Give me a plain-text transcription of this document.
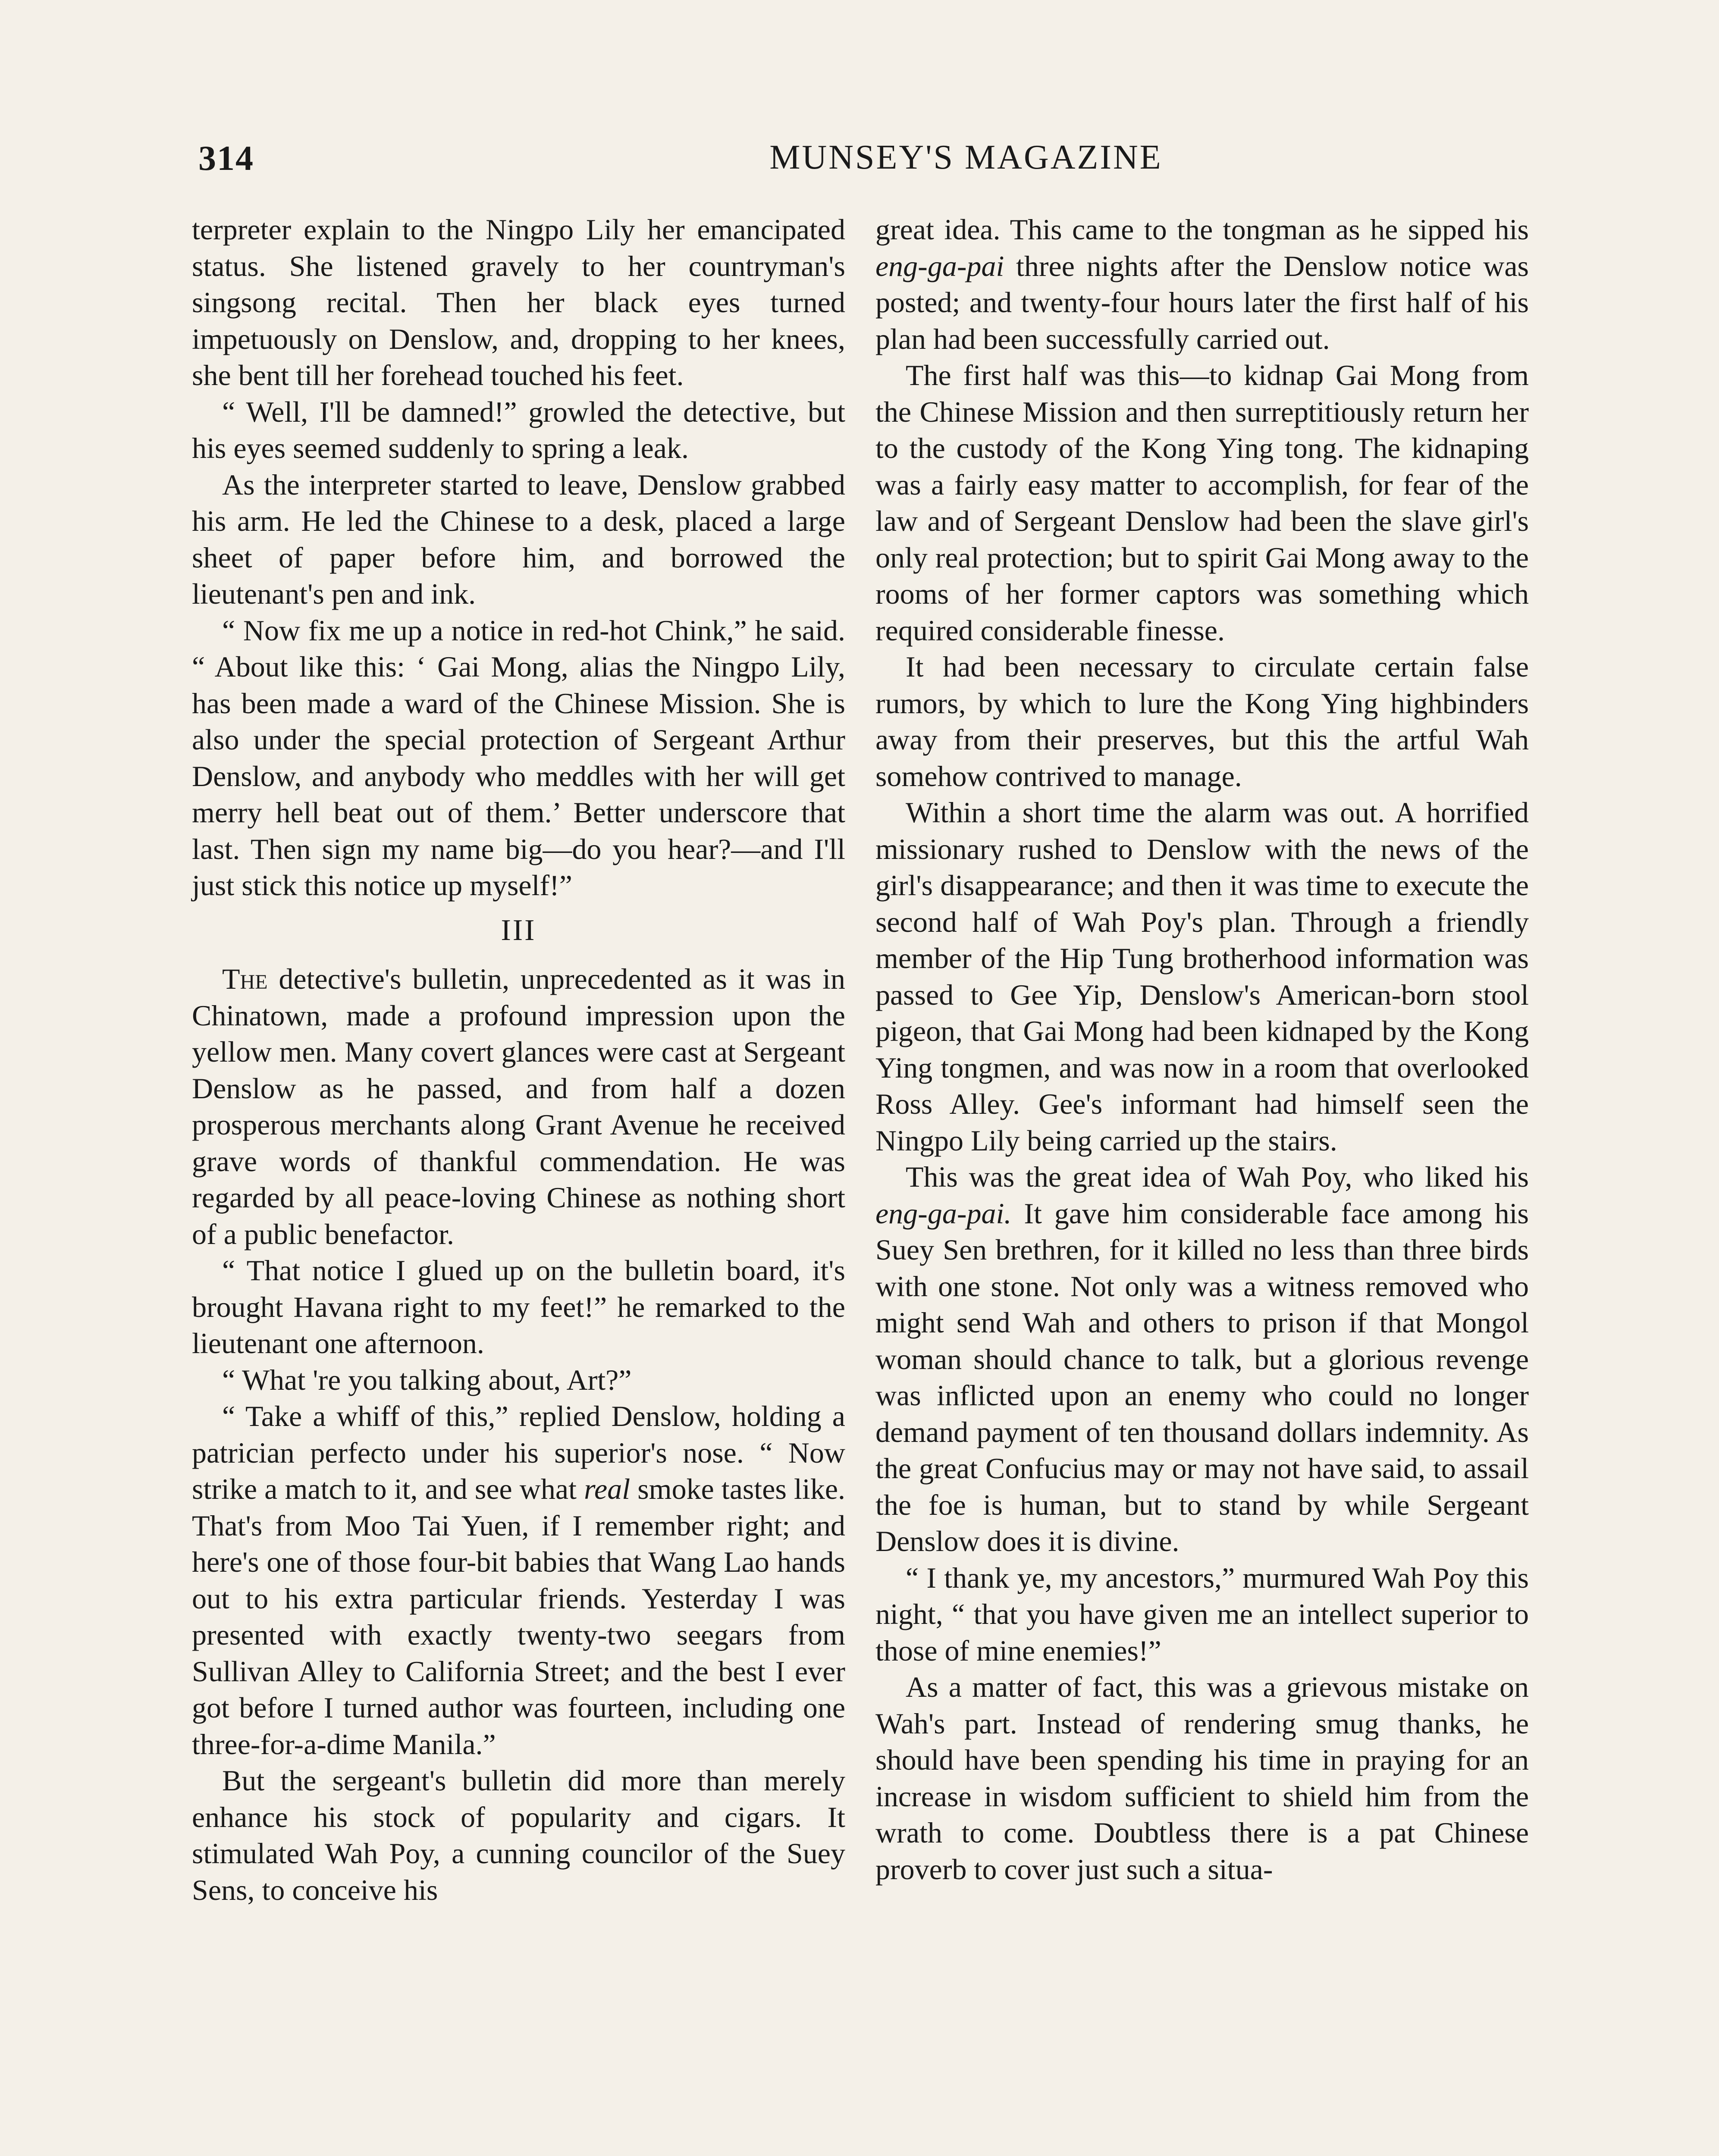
314	MUNSEY'S MAGAZINE

terpreter explain to the Ningpo Lily her emancipated status. She listened gravely to her countryman's singsong recital. Then her black eyes turned impetuously on Denslow, and, dropping to her knees, she bent till her forehead touched his feet.

“ Well, I'll be damned!” growled the detective, but his eyes seemed suddenly to spring a leak.

As the interpreter started to leave, Denslow grabbed his arm. He led the Chinese to a desk, placed a large sheet of paper before him, and borrowed the lieutenant's pen and ink.

“ Now fix me up a notice in red-hot Chink,” he said. “ About like this: ‘ Gai Mong, alias the Ningpo Lily, has been made a ward of the Chinese Mission. She is also under the special protection of Sergeant Arthur Denslow, and anybody who meddles with her will get merry hell beat out of them.’ Better underscore that last. Then sign my name big—do you hear?—and I'll just stick this notice up myself!”

III

The detective's bulletin, unprecedented as it was in Chinatown, made a profound impression upon the yellow men. Many covert glances were cast at Sergeant Denslow as he passed, and from half a dozen prosperous merchants along Grant Avenue he received grave words of thankful commendation. He was regarded by all peace-loving Chinese as nothing short of a public benefactor.

“ That notice I glued up on the bulletin board, it's brought Havana right to my feet!” he remarked to the lieutenant one afternoon.

“ What 're you talking about, Art?”

“ Take a whiff of this,” replied Denslow, holding a patrician perfecto under his superior's nose. “ Now strike a match to it, and see what real smoke tastes like. That's from Moo Tai Yuen, if I remember right; and here's one of those four-bit babies that Wang Lao hands out to his extra particular friends. Yesterday I was presented with exactly twenty-two seegars from Sullivan Alley to California Street; and the best I ever got before I turned author was fourteen, including one three-for-a-dime Manila.”

But the sergeant's bulletin did more than merely enhance his stock of popularity and cigars. It stimulated Wah Poy, a cunning councilor of the Suey Sens, to conceive his

great idea. This came to the tongman as he sipped his eng-ga-pai three nights after the Denslow notice was posted; and twenty-four hours later the first half of his plan had been successfully carried out.

The first half was this—to kidnap Gai Mong from the Chinese Mission and then surreptitiously return her to the custody of the Kong Ying tong. The kidnaping was a fairly easy matter to accomplish, for fear of the law and of Sergeant Denslow had been the slave girl's only real protection; but to spirit Gai Mong away to the rooms of her former captors was something which required considerable finesse.

It had been necessary to circulate certain false rumors, by which to lure the Kong Ying highbinders away from their preserves, but this the artful Wah somehow contrived to manage.

Within a short time the alarm was out. A horrified missionary rushed to Denslow with the news of the girl's disappearance; and then it was time to execute the second half of Wah Poy's plan. Through a friendly member of the Hip Tung brotherhood information was passed to Gee Yip, Denslow's American-born stool pigeon, that Gai Mong had been kidnaped by the Kong Ying tongmen, and was now in a room that overlooked Ross Alley. Gee's informant had himself seen the Ningpo Lily being carried up the stairs.

This was the great idea of Wah Poy, who liked his eng-ga-pai. It gave him considerable face among his Suey Sen brethren, for it killed no less than three birds with one stone. Not only was a witness removed who might send Wah and others to prison if that Mongol woman should chance to talk, but a glorious revenge was inflicted upon an enemy who could no longer demand payment of ten thousand dollars indemnity. As the great Confucius may or may not have said, to assail the foe is human, but to stand by while Sergeant Denslow does it is divine.

“ I thank ye, my ancestors,” murmured Wah Poy this night, “ that you have given me an intellect superior to those of mine enemies!”

As a matter of fact, this was a grievous mistake on Wah's part. Instead of rendering smug thanks, he should have been spending his time in praying for an increase in wisdom sufficient to shield him from the wrath to come. Doubtless there is a pat Chinese proverb to cover just such a situa-
